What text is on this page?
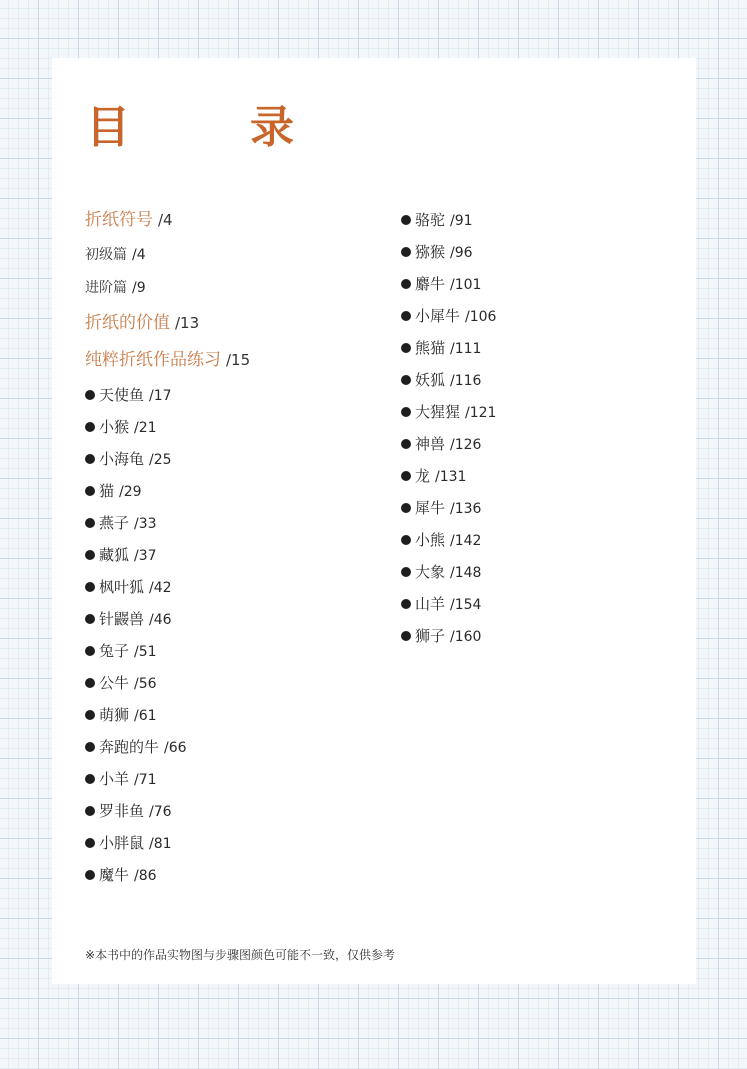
目　录
折纸符号 /4
初级篇 /4
进阶篇 /9
折纸的价值 /13
纯粹折纸作品练习 /15
天使鱼 /17
小猴 /21
小海龟 /25
猫 /29
燕子 /33
藏狐 /37
枫叶狐 /42
针鼹兽 /46
兔子 /51
公牛 /56
萌狮 /61
奔跑的牛 /66
小羊 /71
罗非鱼 /76
小胖鼠 /81
魔牛 /86
骆驼 /91
猕猴 /96
麝牛 /101
小犀牛 /106
熊猫 /111
妖狐 /116
大猩猩 /121
神兽 /126
龙 /131
犀牛 /136
小熊 /142
大象 /148
山羊 /154
狮子 /160

※本书中的作品实物图与步骤图颜色可能不一致，仅供参考
